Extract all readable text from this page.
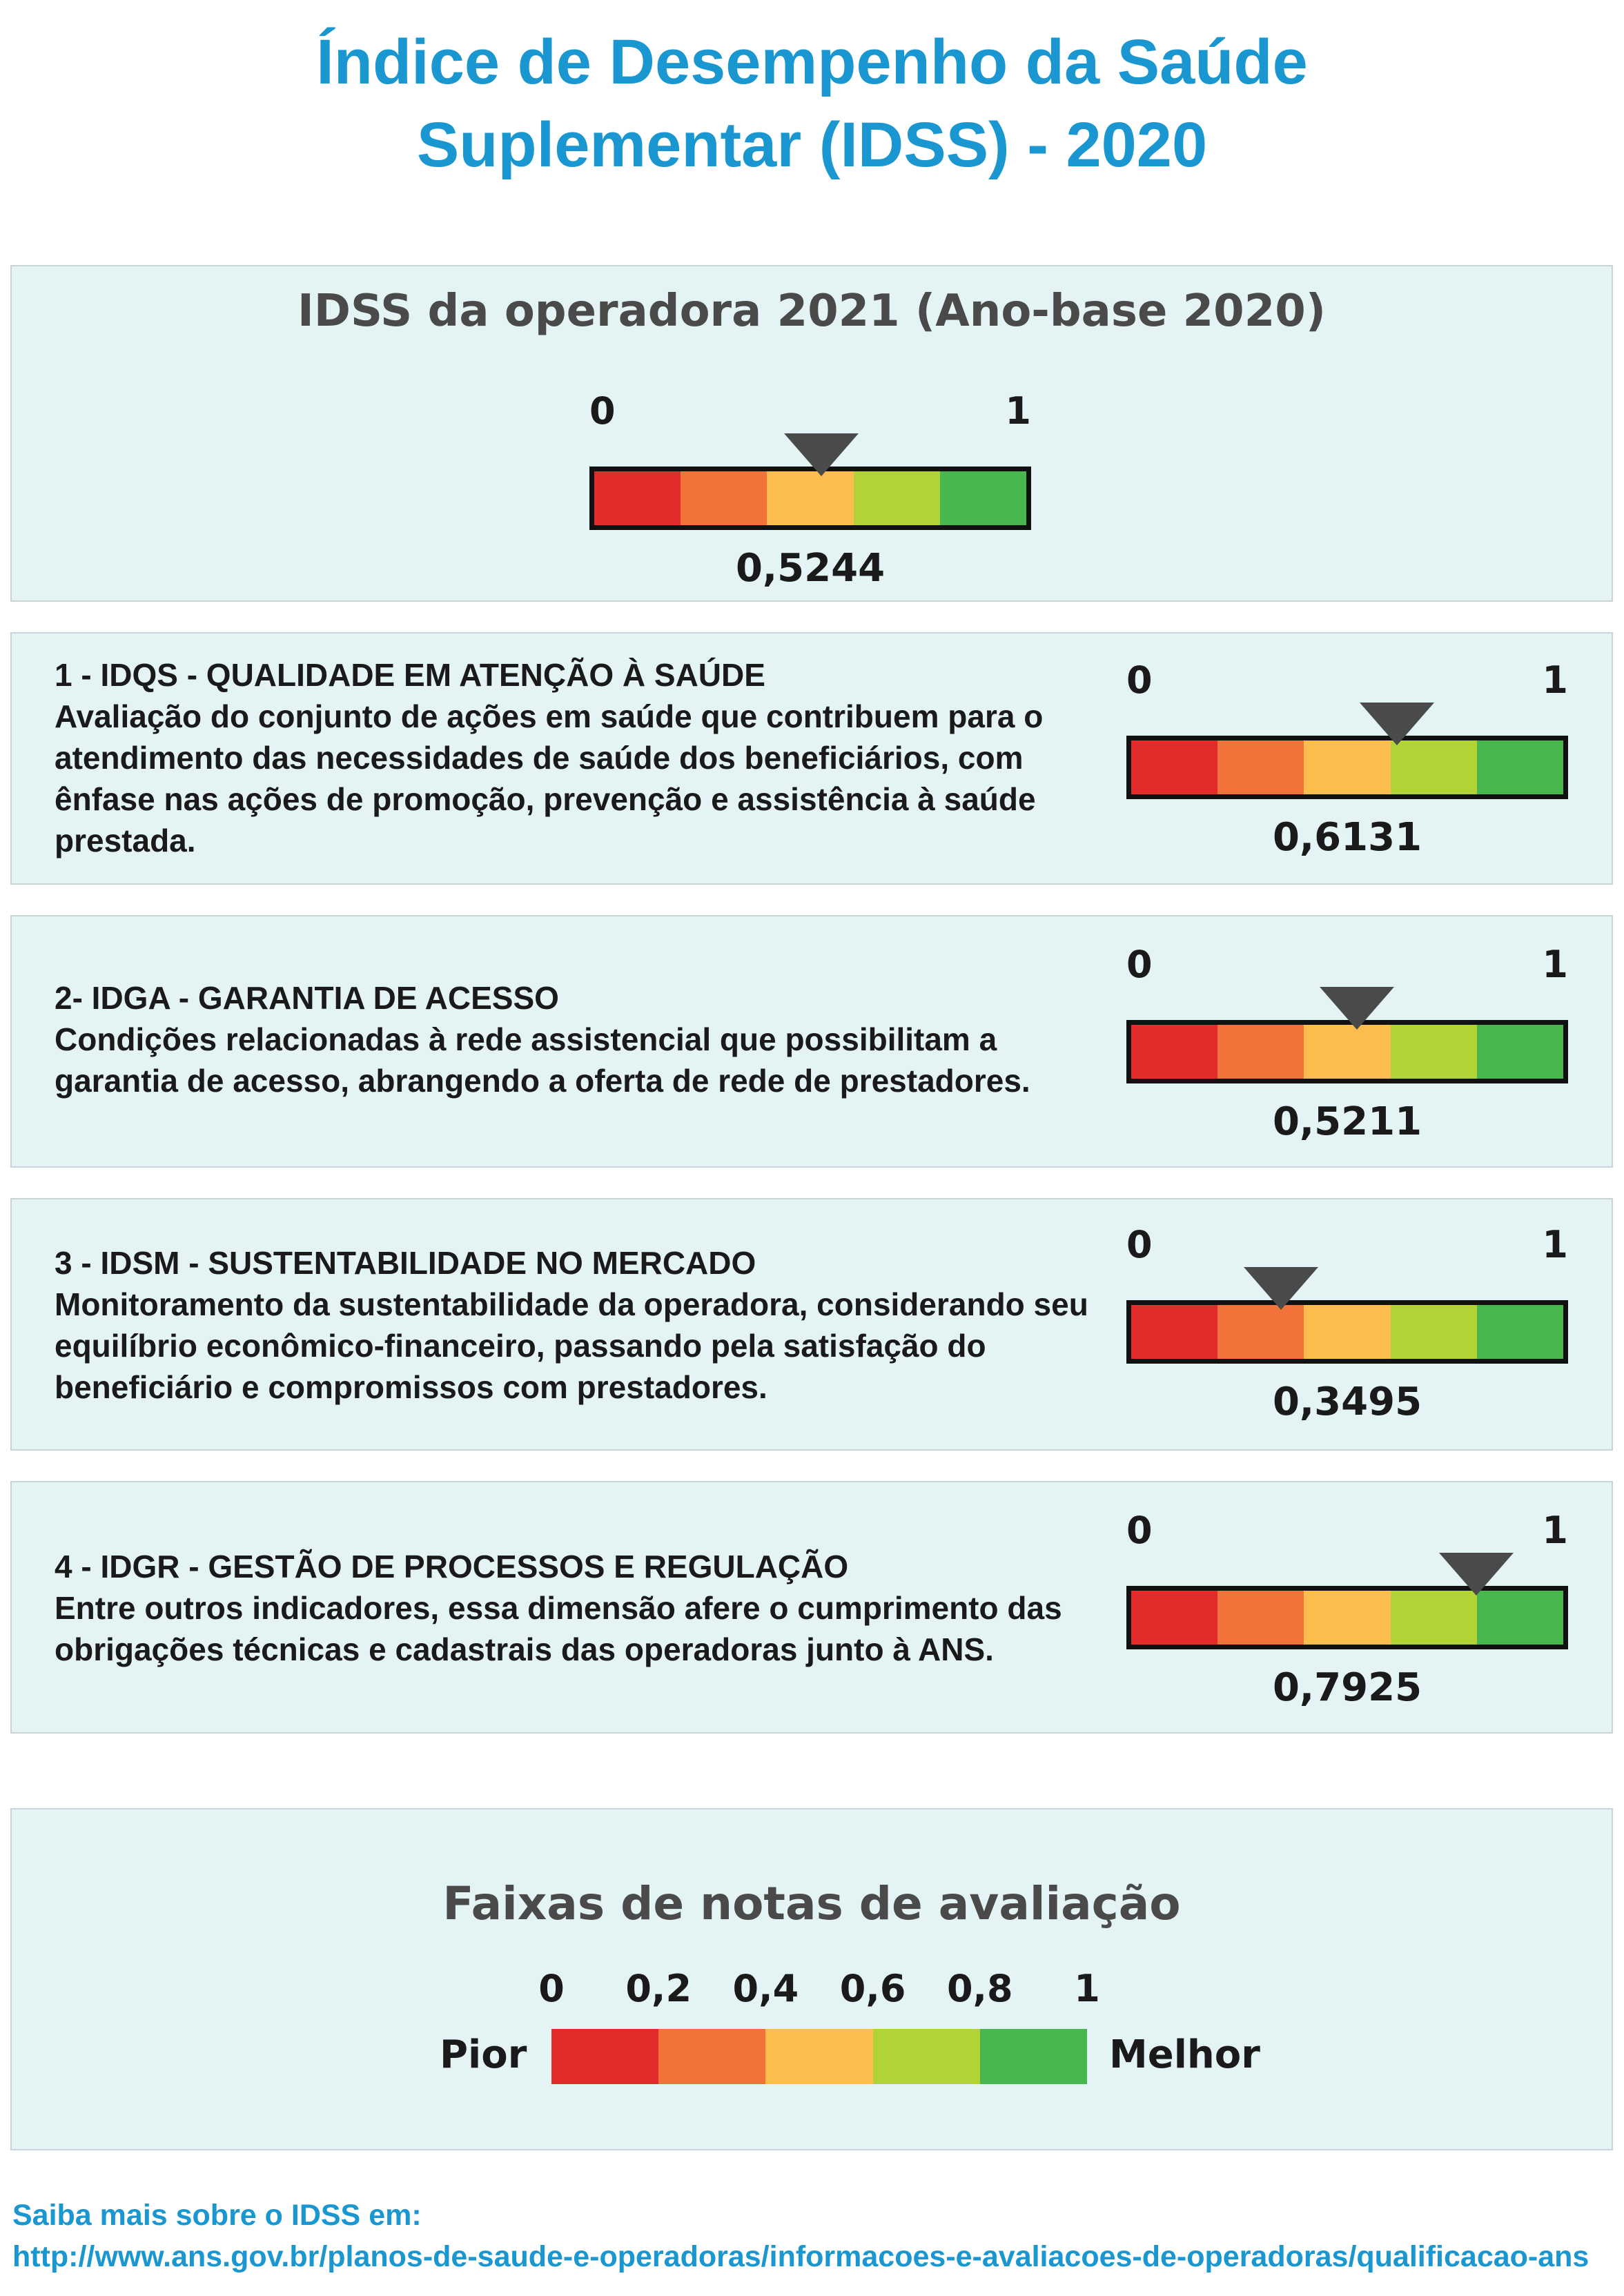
Índice de Desempenho da Saúde
Suplementar (IDSS) - 2020
IDSS da operadora 2021 (Ano-base 2020)
0	1
0,5244

1 - IDQS - QUALIDADE EM ATENÇÃO À SAÚDE
Avaliação do conjunto de ações em saúde que contribuem para o atendimento das necessidades de saúde dos beneficiários, com ênfase nas ações de promoção, prevenção e assistência à saúde prestada.

0	1
0,6131

2- IDGA - GARANTIA DE ACESSO
Condições relacionadas à rede assistencial que possibilitam a garantia de acesso, abrangendo a oferta de rede de prestadores.

0	1
0,5211

3 - IDSM - SUSTENTABILIDADE NO MERCADO
Monitoramento da sustentabilidade da operadora, considerando seu equilíbrio econômico-financeiro, passando pela satisfação do beneficiário e compromissos com prestadores.

0	1
0,3495

4 - IDGR - GESTÃO DE PROCESSOS E REGULAÇÃO
Entre outros indicadores, essa dimensão afere o cumprimento das obrigações técnicas e cadastrais das operadoras junto à ANS.

0	1
0,7925
Faixas de notas de avaliação
0 0,2 0,4 0,6 0,8 1
Pior	Melhor

Saiba mais sobre o IDSS em:
http://www.ans.gov.br/planos-de-saude-e-operadoras/informacoes-e-avaliacoes-de-operadoras/qualificacao-ans
